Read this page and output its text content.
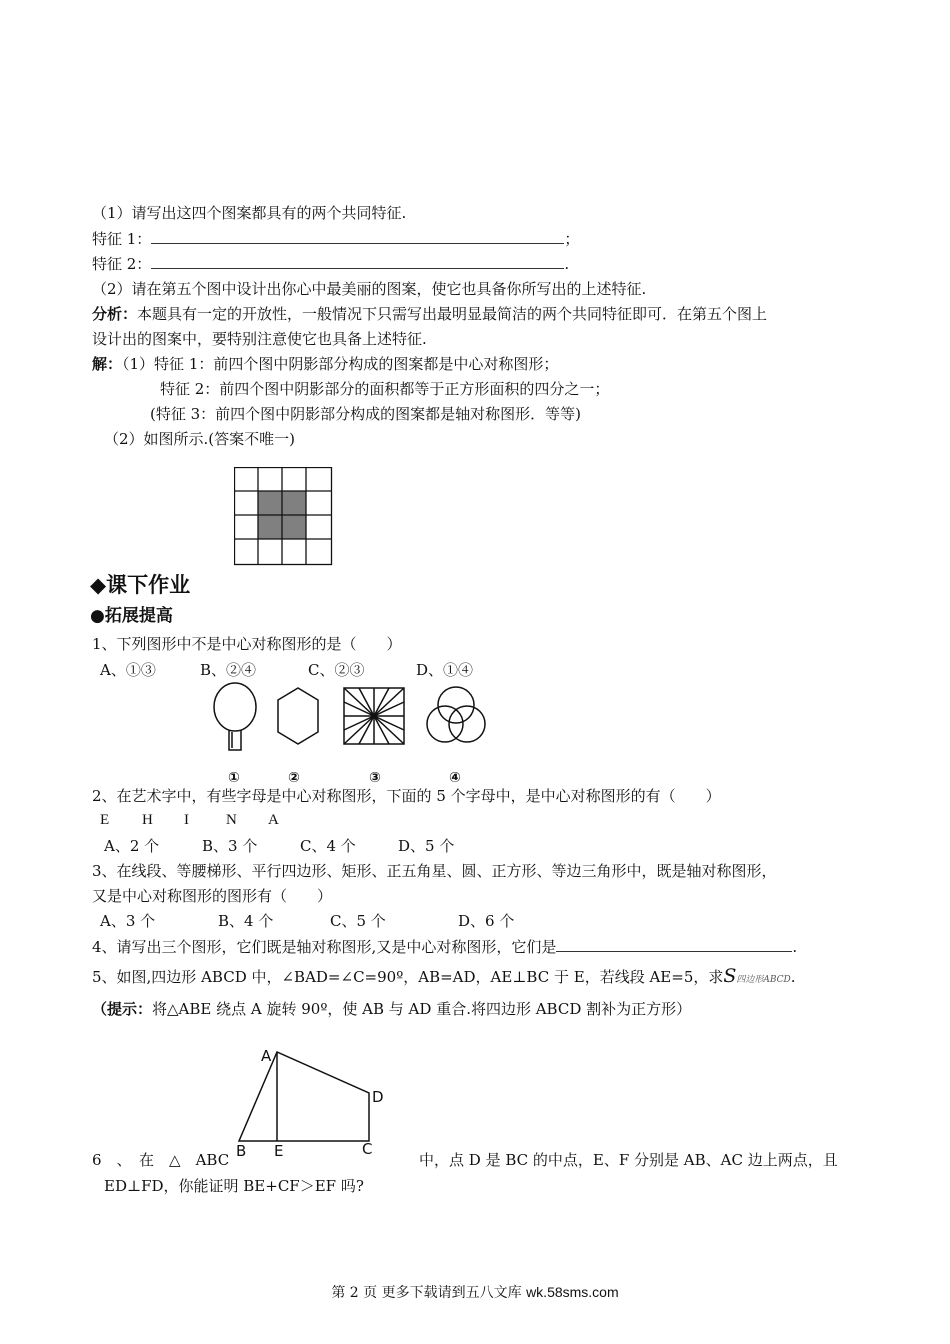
（1）请写出这四个图案都具有的两个共同特征.
特征 1：	；
特征 2：	.
（2）请在第五个图中设计出你心中最美丽的图案，使它也具备你所写出的上述特征.
分析：本题具有一定的开放性，一般情况下只需写出最明显最简洁的两个共同特征即可．在第五个图上
设计出的图案中，要特别注意使它也具备上述特征.
解：（1）特征 1：前四个图中阴影部分构成的图案都是中心对称图形；
特征 2：前四个图中阴影部分的面积都等于正方形面积的四分之一；
(特征 3：前四个图中阴影部分构成的图案都是轴对称图形．等等)
（2）如图所示.(答案不唯一)
◆课下作业
●拓展提高
1、下列图形中不是中心对称图形的是（　　）
A、①③	B、②④	C、②③	D、①④
①	②	③	④
2、在艺术字中，有些字母是中心对称图形，下面的 5 个字母中，是中心对称图形的有（　　）
E H I N A
A、2 个	B、3 个	C、4 个	D、5 个
3、在线段、等腰梯形、平行四边形、矩形、正五角星、圆、正方形、等边三角形中，既是轴对称图形，
又是中心对称图形的图形有（　　）
A、3 个	B、4 个	C、5 个	D、6 个
4、请写出三个图形，它们既是轴对称图形,又是中心对称图形，它们是	.
5、如图,四边形 ABCD 中，∠BAD=∠C=90º，AB=AD，AE⊥BC 于 E，若线段 AE=5，求S四边形ABCD.
（提示：将△ABE 绕点 A 旋转 90º，使 AB 与 AD 重合.将四边形 ABCD 割补为正方形）
A
D
B E	C
6　、　在　△　ABC	中，点 D 是 BC 的中点，E、F 分别是 AB、AC 边上两点，且
ED⊥FD，你能证明 BE+CF＞EF 吗?
第 2 页 更多下载请到五八文库 wk.58sms.com
